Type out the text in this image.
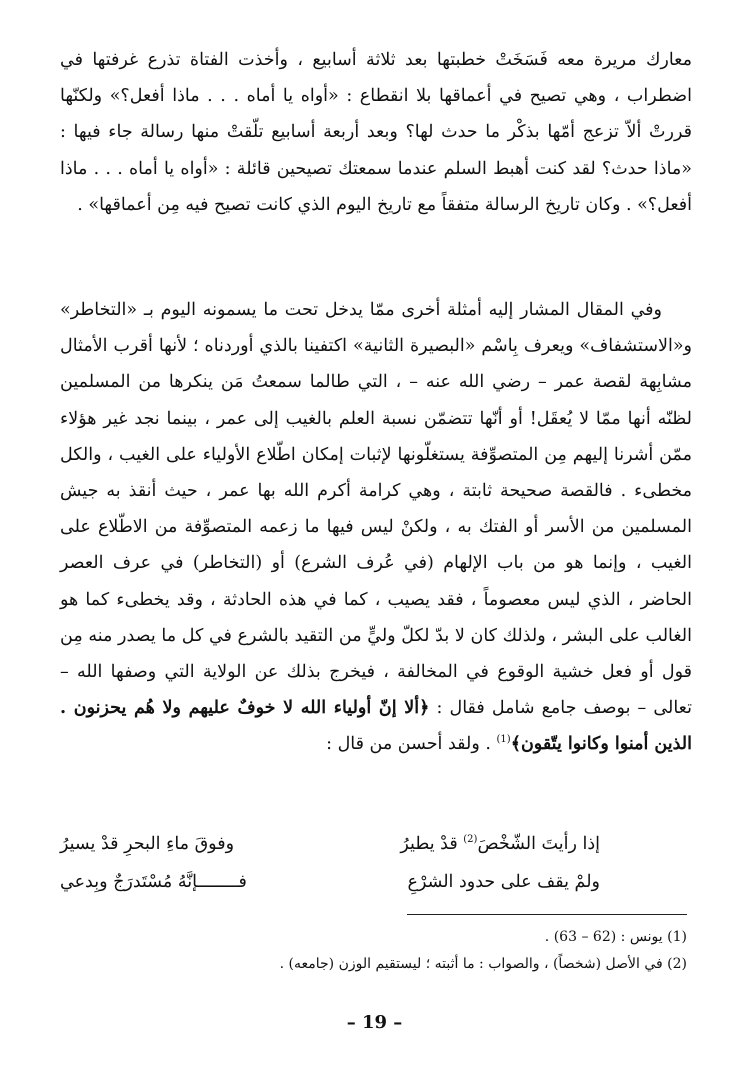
معارك مريرة معه فَسَخَتْ خطبتها بعد ثلاثة أسابيع ، وأخذت الفتاة تذرع غرفتها في اضطراب ، وهي تصيح في أعماقها بلا انقطاع : «أواه يا أماه . . . ماذا أفعل؟» ولكنّها قررتْ ألاّ تزعج أمّها بذكْر ما حدث لها؟ وبعد أربعة أسابيع تلّقتْ منها رسالة جاء فيها : «ماذا حدث؟ لقد كنت أهبط السلم عندما سمعتك تصيحين قائلة : «أواه يا أماه . . . ماذا أفعل؟» . وكان تاريخ الرسالة متفقاً مع تاريخ اليوم الذي كانت تصيح فيه مِن أعماقها» .
وفي المقال المشار إليه أمثلة أخرى ممّا يدخل تحت ما يسمونه اليوم بـ «التخاطر» و«الاستشفاف» ويعرف بِاسْم «البصيرة الثانية» اكتفينا بالذي أوردناه ؛ لأنها أقرب الأمثال مشابِهة لقصة عمر – رضي الله عنه – ، التي طالما سمعتُ مَن ينكرها من المسلمين لظنّه أنها ممّا لا يُعقَل! أو أنّها تتضمّن نسبة العلم بالغيب إلى عمر ، بينما نجد غير هؤلاء ممّن أشرنا إليهم مِن المتصوِّفة يستغلّونها لإثبات إمكان اطّلاع الأولياء على الغيب ، والكل مخطىء . فالقصة صحيحة ثابتة ، وهي كرامة أكرم الله بها عمر ، حيث أنقذ به جيش المسلمين من الأسر أو الفتك به ، ولكنْ ليس فيها ما زعمه المتصوِّفة من الاطّلاع على الغيب ، وإنما هو من باب الإلهام (في عُرف الشرع) أو (التخاطر) في عرف العصر الحاضر ، الذي ليس معصوماً ، فقد يصيب ، كما في هذه الحادثة ، وقد يخطىء كما هو الغالب على البشر ، ولذلك كان لا بدّ لكلّ وليٍّ من التقيد بالشرع في كل ما يصدر منه مِن قول أو فعل خشية الوقوع في المخالفة ، فيخرج بذلك عن الولاية التي وصفها الله – تعالى – بوصف جامع شامل فقال : ﴿ألا إنّ أولياء الله لا خوفٌ عليهم ولا هُم يحزنون . الذين أمنوا وكانوا يتّقون﴾$^{(1)}$ . ولقد أحسن من قال :
إذا رأيتَ الشّخْصَ$^{(2)}$ قدْ يطيرُ
وفوقَ ماءِ البحرِ قدْ يسيرُ
ولمْ يقف على حدود الشرْعِ
فــــــــإنَّهُ مُسْتَدرَجٌ وبِدعي
(1) يونس : (62 – 63) .
(2) في الأصل (شخصاً) ، والصواب : ما أثبته ؛ ليستقيم الوزن (جامعه) .
– 19 –
